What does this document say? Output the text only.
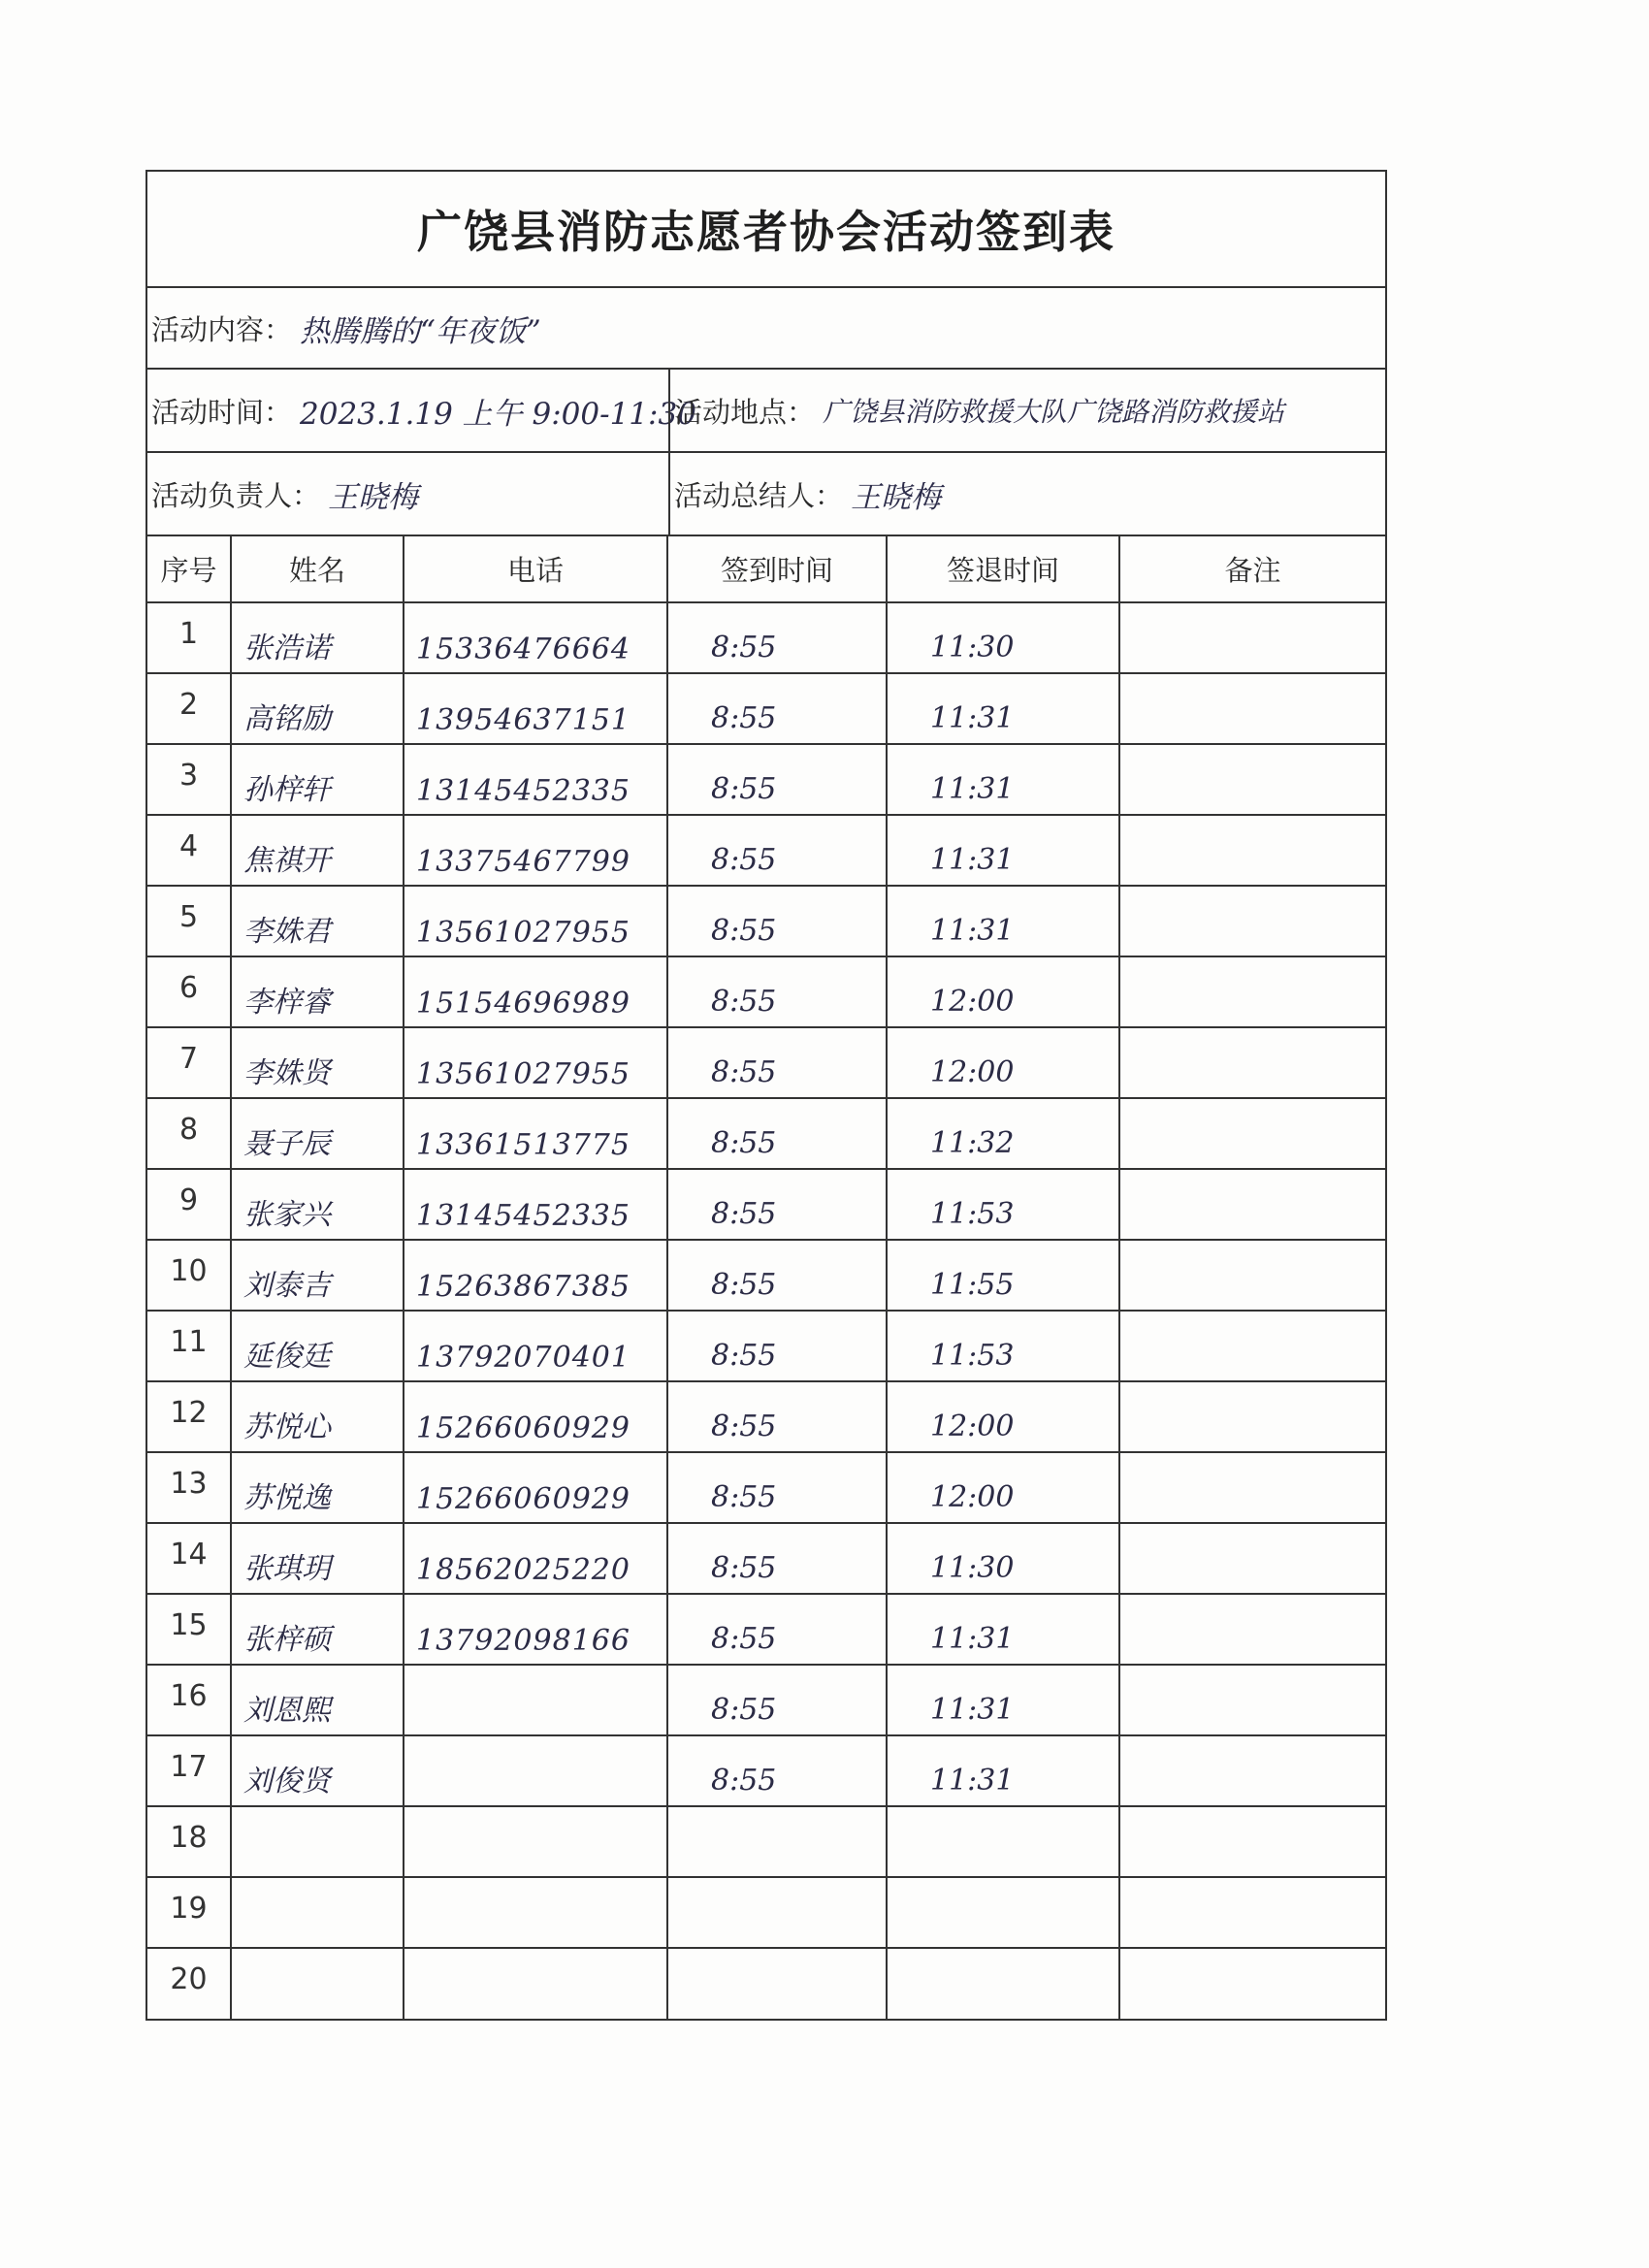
广饶县消防志愿者协会活动签到表
活动内容： 热腾腾的“年夜饭”
活动时间： 2023.1.19 上午 9:00-11:30
活动地点： 广饶县消防救援大队广饶路消防救援站
活动负责人： 王晓梅	活动总结人： 王晓梅
序号	姓名	电话	签到时间	签退时间	备注
1	张浩诺	15336476664	8:55	11:30	
2	高铭励	13954637151	8:55	11:31	
3	孙梓轩	13145452335	8:55	11:31	
4	焦祺开	13375467799	8:55	11:31	
5	李姝君	13561027955	8:55	11:31	
6	李梓睿	15154696989	8:55	12:00	
7	李姝贤	13561027955	8:55	12:00	
8	聂子辰	13361513775	8:55	11:32	
9	张家兴	13145452335	8:55	11:53	
10	刘泰吉	15263867385	8:55	11:55	
11	延俊廷	13792070401	8:55	11:53	
12	苏悦心	15266060929	8:55	12:00	
13	苏悦逸	15266060929	8:55	12:00	
14	张琪玥	18562025220	8:55	11:30	
15	张梓硕	13792098166	8:55	11:31	
16	刘恩熙		8:55	11:31	
17	刘俊贤		8:55	11:31	
18					
19					
20					
